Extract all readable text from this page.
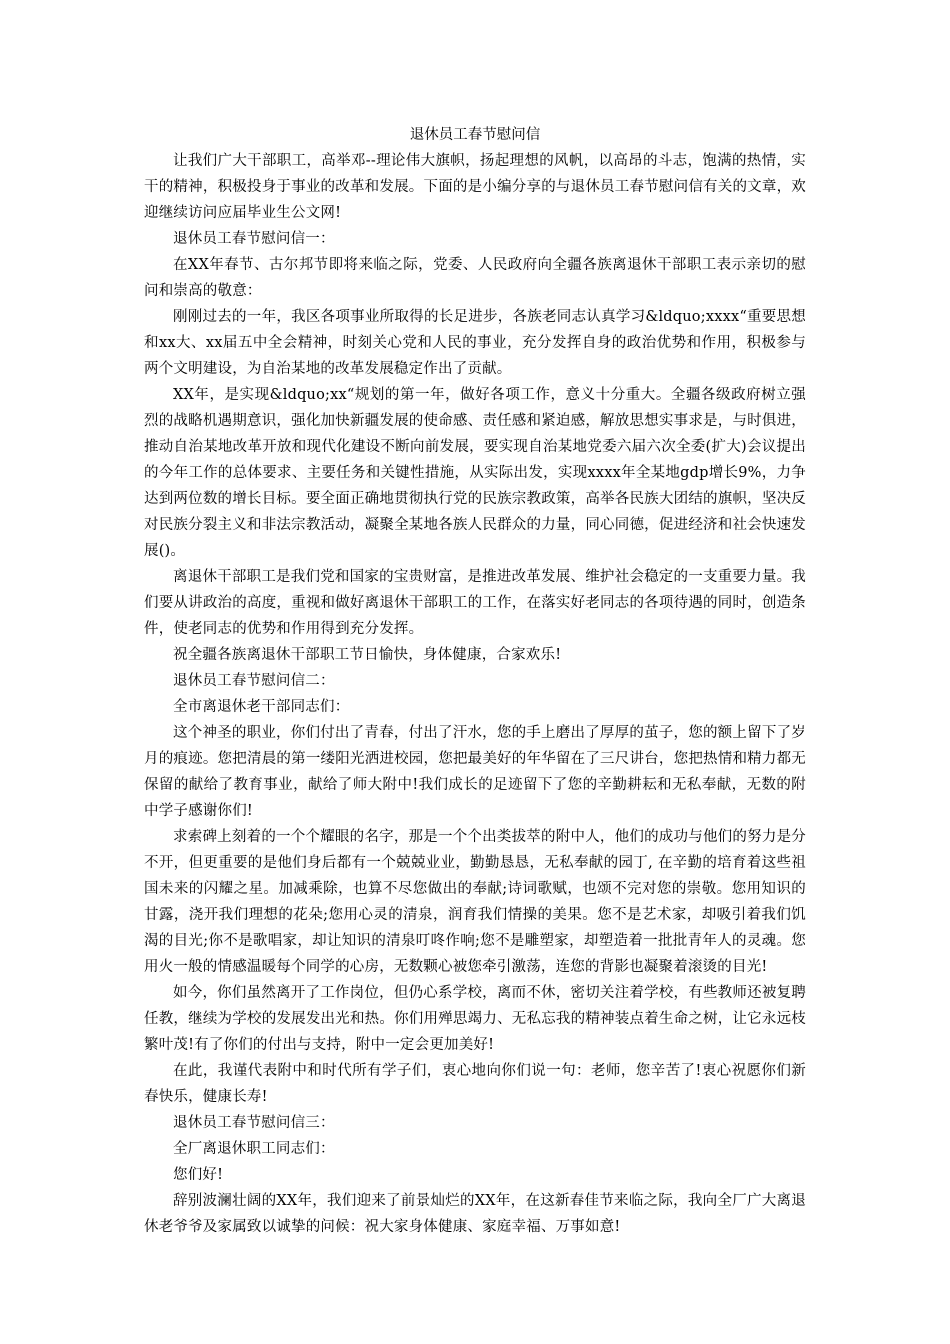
退休员工春节慰问信

让我们广大干部职工，高举邓--理论伟大旗帜，扬起理想的风帆，以高昂的斗志，饱满的热情，实干的精神，积极投身于事业的改革和发展。下面的是小编分享的与退休员工春节慰问信有关的文章，欢迎继续访问应届毕业生公文网!

退休员工春节慰问信一：

在XX年春节、古尔邦节即将来临之际，党委、人民政府向全疆各族离退休干部职工表示亲切的慰问和崇高的敬意：

刚刚过去的一年，我区各项事业所取得的长足进步，各族老同志认真学习&ldquo;xxxx“重要思想和xx大、xx届五中全会精神，时刻关心党和人民的事业，充分发挥自身的政治优势和作用，积极参与两个文明建设，为自治某地的改革发展稳定作出了贡献。

XX年，是实现&ldquo;xx“规划的第一年，做好各项工作，意义十分重大。全疆各级政府树立强烈的战略机遇期意识，强化加快新疆发展的使命感、责任感和紧迫感，解放思想实事求是，与时俱进，推动自治某地改革开放和现代化建设不断向前发展，要实现自治某地党委六届六次全委(扩大)会议提出的今年工作的总体要求、主要任务和关键性措施，从实际出发，实现xxxx年全某地gdp增长9%，力争达到两位数的增长目标。要全面正确地贯彻执行党的民族宗教政策，高举各民族大团结的旗帜，坚决反对民族分裂主义和非法宗教活动，凝聚全某地各族人民群众的力量，同心同德，促进经济和社会快速发展()。

离退休干部职工是我们党和国家的宝贵财富，是推进改革发展、维护社会稳定的一支重要力量。我们要从讲政治的高度，重视和做好离退休干部职工的工作，在落实好老同志的各项待遇的同时，创造条件，使老同志的优势和作用得到充分发挥。

祝全疆各族离退休干部职工节日愉快，身体健康，合家欢乐!

退休员工春节慰问信二：

全市离退休老干部同志们：

这个神圣的职业，你们付出了青春，付出了汗水，您的手上磨出了厚厚的茧子，您的额上留下了岁月的痕迹。您把清晨的第一缕阳光洒进校园，您把最美好的年华留在了三尺讲台，您把热情和精力都无保留的献给了教育事业，献给了师大附中!我们成长的足迹留下了您的辛勤耕耘和无私奉献，无数的附中学子感谢你们!

求索碑上刻着的一个个耀眼的名字，那是一个个出类拔萃的附中人，他们的成功与他们的努力是分不开，但更重要的是他们身后都有一个兢兢业业，勤勤恳恳，无私奉献的园丁, 在辛勤的培育着这些祖国未来的闪耀之星。加减乘除，也算不尽您做出的奉献;诗词歌赋，也颂不完对您的崇敬。您用知识的甘露，浇开我们理想的花朵;您用心灵的清泉，润育我们情操的美果。您不是艺术家，却吸引着我们饥渴的目光;你不是歌唱家，却让知识的清泉叮咚作响;您不是雕塑家，却塑造着一批批青年人的灵魂。您用火一般的情感温暖每个同学的心房，无数颗心被您牵引激荡，连您的背影也凝聚着滚烫的目光!

如今，你们虽然离开了工作岗位，但仍心系学校，离而不休，密切关注着学校，有些教师还被复聘任教，继续为学校的发展发出光和热。你们用殚思竭力、无私忘我的精神装点着生命之树，让它永远枝繁叶茂!有了你们的付出与支持，附中一定会更加美好!

在此，我谨代表附中和时代所有学子们，衷心地向你们说一句：老师，您辛苦了!衷心祝愿你们新春快乐，健康长寿!

退休员工春节慰问信三：

全厂离退休职工同志们：

您们好!

辞别波澜壮阔的XX年，我们迎来了前景灿烂的XX年，在这新春佳节来临之际，我向全厂广大离退休老爷爷及家属致以诚挚的问候：祝大家身体健康、家庭幸福、万事如意!
